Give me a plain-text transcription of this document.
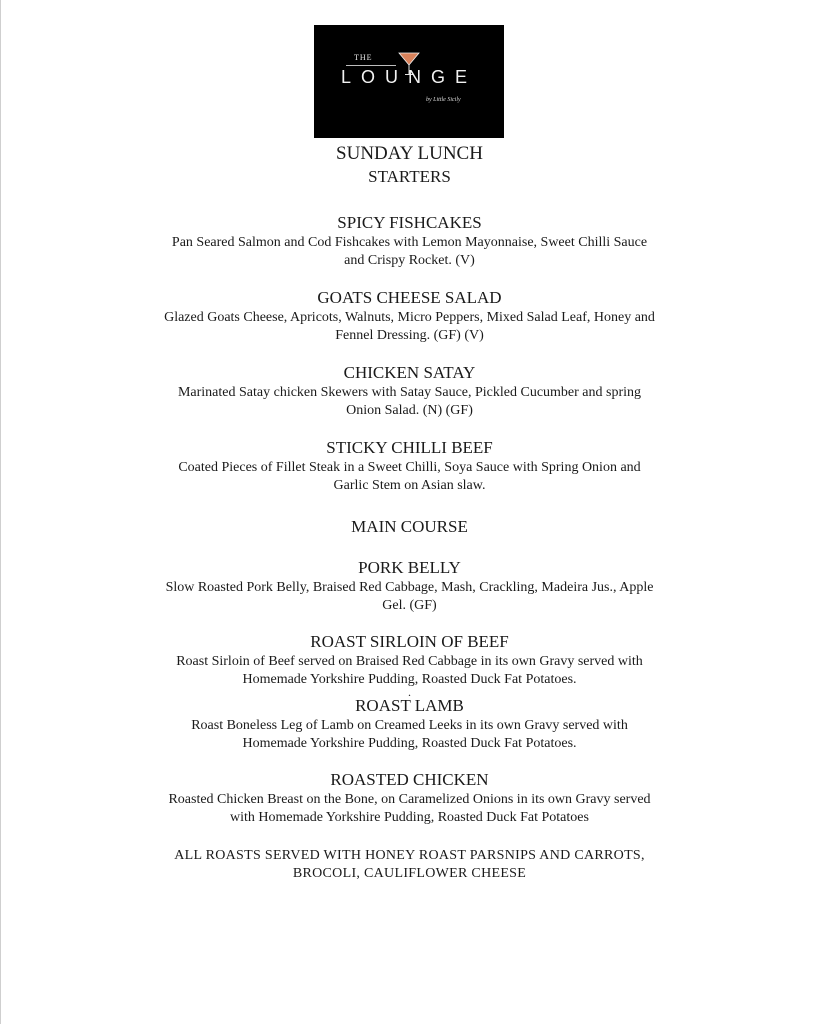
THE
LOUNGE
by Little Sicily

SUNDAY LUNCH

STARTERS

SPICY FISHCAKES

Pan Seared Salmon and Cod Fishcakes with Lemon Mayonnaise, Sweet Chilli Sauce
and Crispy Rocket. (V)

GOATS CHEESE SALAD

Glazed Goats Cheese, Apricots, Walnuts, Micro Peppers, Mixed Salad Leaf, Honey and
Fennel Dressing. (GF) (V)

CHICKEN SATAY

Marinated Satay chicken Skewers with Satay Sauce, Pickled Cucumber and spring
Onion Salad. (N) (GF)

STICKY CHILLI BEEF

Coated Pieces of Fillet Steak in a Sweet Chilli, Soya Sauce with Spring Onion and
Garlic Stem on Asian slaw.

MAIN COURSE

PORK BELLY

Slow Roasted Pork Belly, Braised Red Cabbage, Mash, Crackling, Madeira Jus., Apple
Gel. (GF)

ROAST SIRLOIN OF BEEF

Roast Sirloin of Beef served on Braised Red Cabbage in its own Gravy served with
Homemade Yorkshire Pudding, Roasted Duck Fat Potatoes.

.

ROAST LAMB

Roast Boneless Leg of Lamb on Creamed Leeks in its own Gravy served with
Homemade Yorkshire Pudding, Roasted Duck Fat Potatoes.

ROASTED CHICKEN

Roasted Chicken Breast on the Bone, on Caramelized Onions in its own Gravy served
with Homemade Yorkshire Pudding, Roasted Duck Fat Potatoes

ALL ROASTS SERVED WITH HONEY ROAST PARSNIPS AND CARROTS,
BROCOLI, CAULIFLOWER CHEESE
